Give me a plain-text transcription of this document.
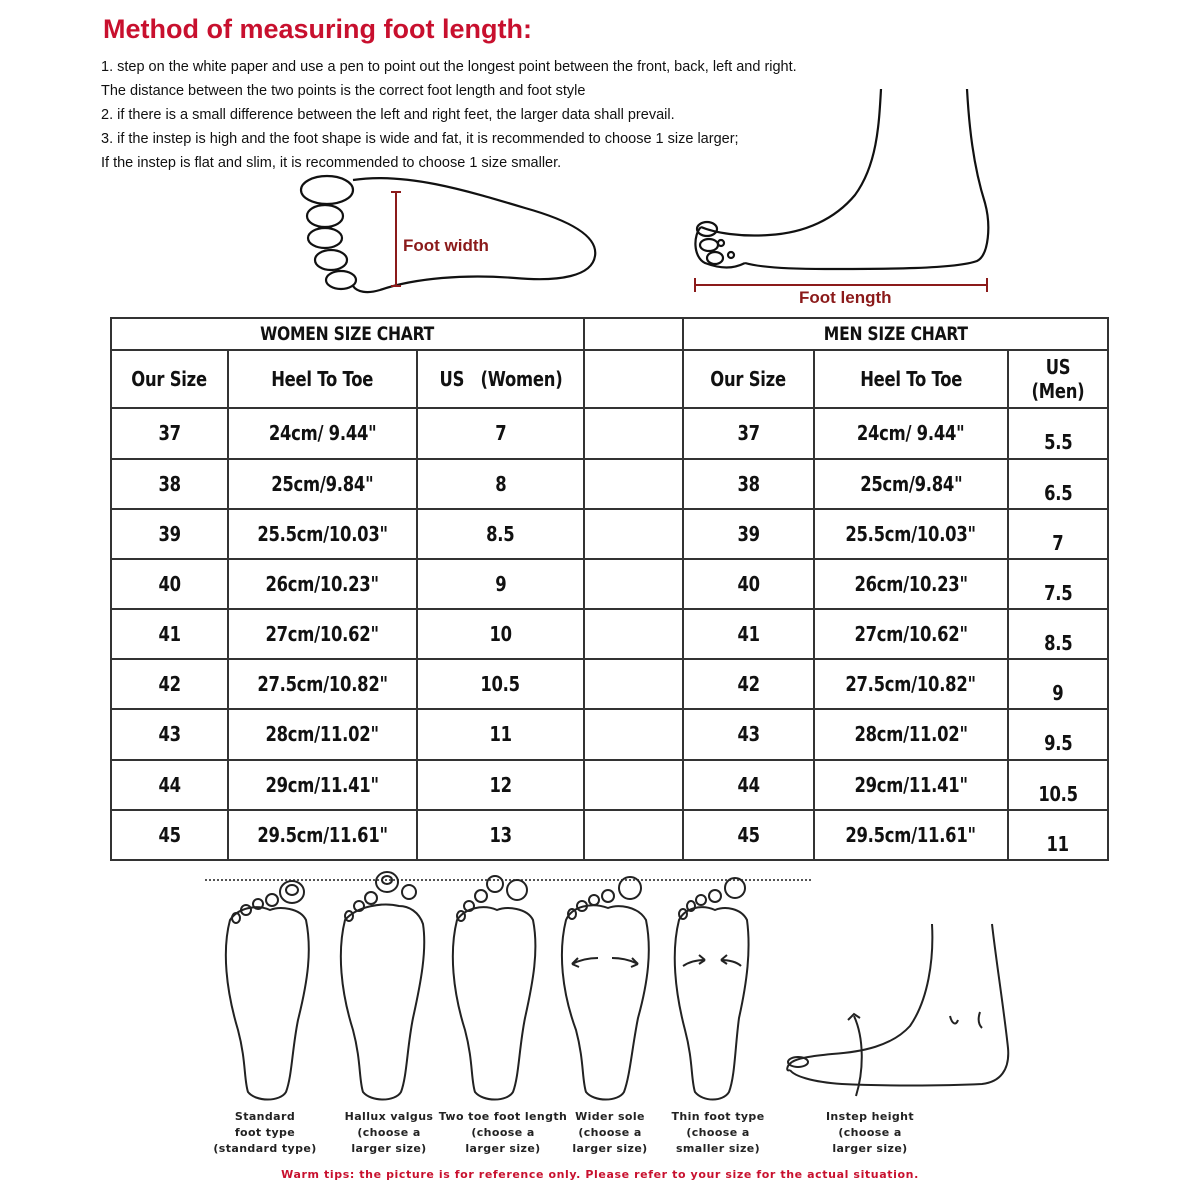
Method of measuring foot length:
1. step on the white paper and use a pen to point out the longest point between the front, back, left and right.
The distance between the two points is the correct foot length and foot style
2. if there is a small difference between the left and right feet, the larger data shall prevail.
3. if the instep is high and the foot shape is wide and fat, it is recommended to choose 1 size larger;
If the instep is flat and slim, it is recommended to choose 1 size smaller.
Foot width
Foot length
WOMEN SIZE CHART				MEN SIZE CHART		
Our Size	Heel To Toe	US   (Women)		Our Size	Heel To Toe	US (Men)
37	24cm/ 9.44"	7		37	24cm/ 9.44"	5.5
38	25cm/9.84"	8		38	25cm/9.84"	6.5
39	25.5cm/10.03"	8.5		39	25.5cm/10.03"	7
40	26cm/10.23"	9		40	26cm/10.23"	7.5
41	27cm/10.62"	10		41	27cm/10.62"	8.5
42	27.5cm/10.82"	10.5		42	27.5cm/10.82"	9
43	28cm/11.02"	11		43	28cm/11.02"	9.5
44	29cm/11.41"	12		44	29cm/11.41"	10.5
45	29.5cm/11.61"	13		45	29.5cm/11.61"	11
Standard
foot type
(standard type)
Hallux valgus
(choose a
larger size)
Two toe foot length
(choose a
larger size)
Wider sole
(choose a
larger size)
Thin foot type
(choose a
smaller size)
Instep height
(choose a
larger size)
Warm tips: the picture is for reference only. Please refer to your size for the actual situation.
